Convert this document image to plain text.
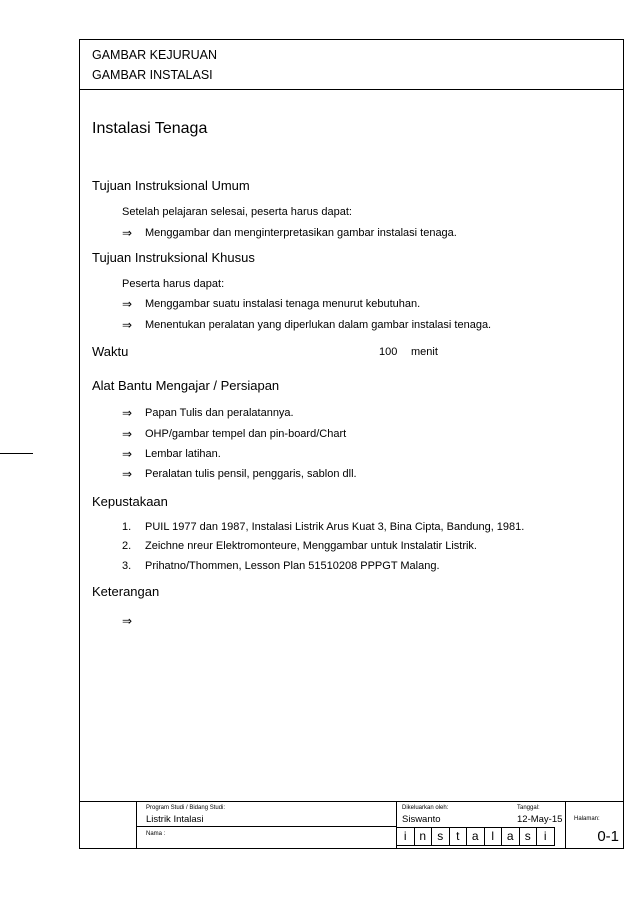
GAMBAR KEJURUAN
GAMBAR INSTALASI
Instalasi Tenaga
Tujuan Instruksional Umum
Setelah pelajaran selesai, peserta harus dapat:
⇒ Menggambar dan menginterpretasikan gambar instalasi tenaga.
Tujuan Instruksional Khusus
Peserta harus dapat:
⇒ Menggambar suatu instalasi tenaga menurut kebutuhan.
⇒ Menentukan peralatan yang diperlukan dalam gambar instalasi tenaga.
Waktu	100 menit
Alat Bantu Mengajar / Persiapan
⇒ Papan Tulis dan peralatannya.
⇒ OHP/gambar tempel dan pin-board/Chart
⇒ Lembar latihan.
⇒ Peralatan tulis pensil, penggaris, sablon dll.
Kepustakaan
1. PUIL 1977 dan 1987, Instalasi Listrik Arus Kuat 3, Bina Cipta, Bandung, 1981.
2. Zeichne nreur Elektromonteure, Menggambar untuk Instalatir Listrik.
3. Prihatno/Thommen, Lesson Plan 51510208 PPPGT Malang.
Keterangan
⇒
Program Studi / Bidang Studi:
Listrik Intalasi
Nama :
Dikeluarkan oleh:
Siswanto
Tanggal:
12-May-15
i	n s	t	a	l	a s	i
Halaman:
0-1
